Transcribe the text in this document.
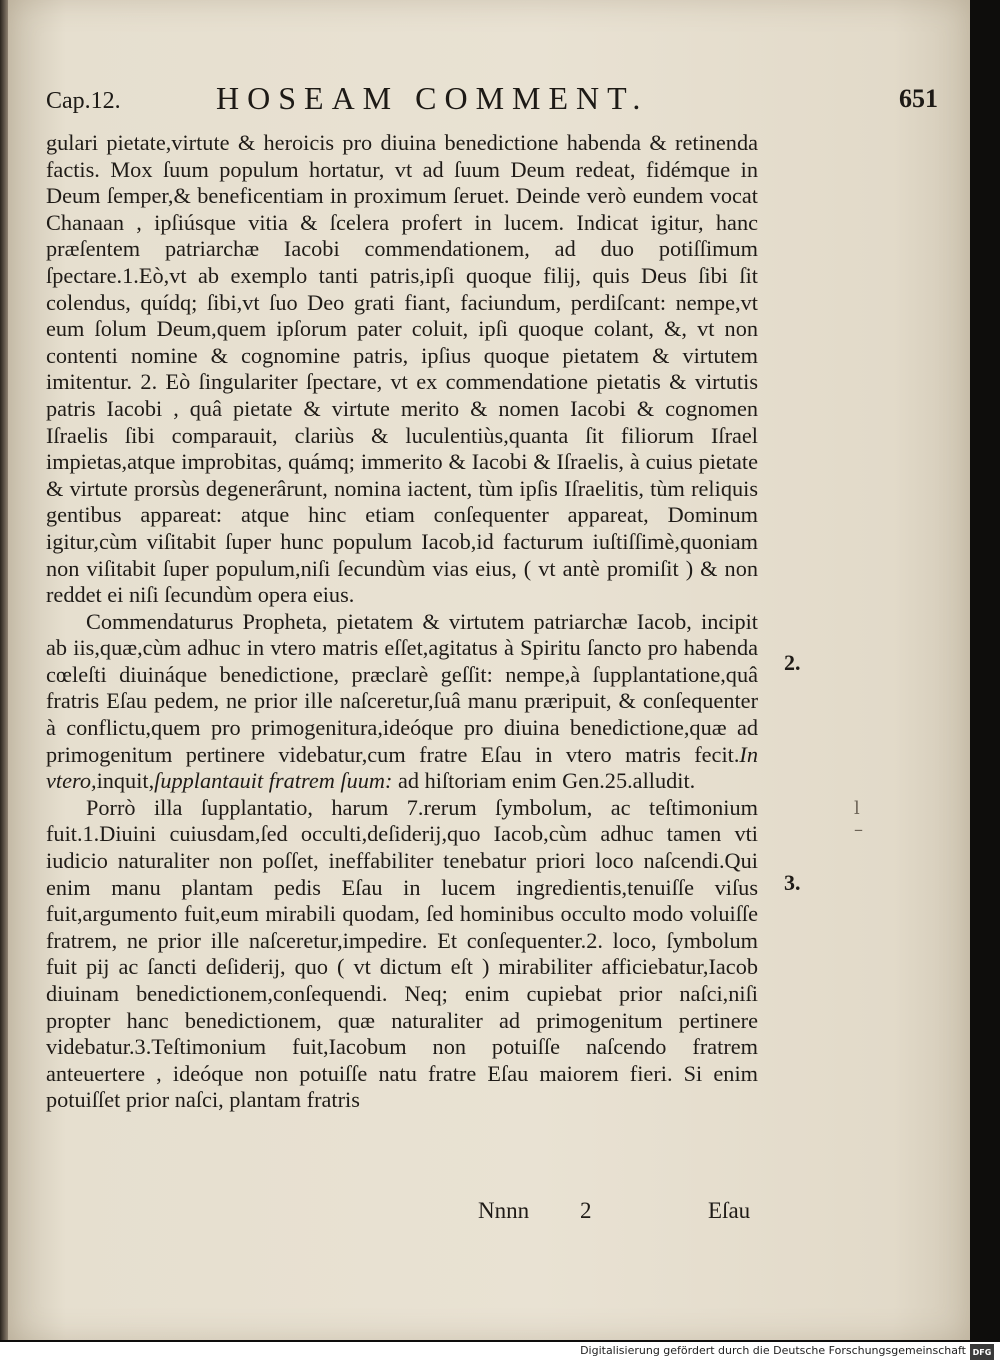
Cap.12.	HOSEAM COMMENT.	651

gulari pietate,virtute & heroicis pro diuina benedictione habenda & retinenda factis. Mox ſuum populum hortatur, vt ad ſuum Deum redeat, fidémque in Deum ſemper,& beneficentiam in proximum ſeruet. Deinde verò eundem vocat Chanaan , ipſiúsque vitia & ſcelera profert in lucem. Indicat igitur, hanc præſentem patriarchæ Iacobi commendationem, ad duo potiſſimum ſpectare.1.Eò,vt ab exemplo tanti patris,ipſi quoque filij, quis Deus ſibi ſit colendus, quídq; ſibi,vt ſuo Deo grati fiant, faciundum, perdiſcant: nempe,vt eum ſolum Deum,quem ipſorum pater coluit, ipſi quoque colant, &, vt non contenti nomine & cognomine patris, ipſius quoque pietatem & virtutem imitentur. 2. Eò ſingulariter ſpectare, vt ex commendatione pietatis & virtutis patris Iacobi , quâ pietate & virtute merito & nomen Iacobi & cognomen Iſraelis ſibi comparauit, clariùs & luculentiùs,quanta ſit filiorum Iſrael impietas,atque improbitas, quámq; immerito & Iacobi & Iſraelis, à cuius pietate & virtute prorsùs degenerârunt, nomina iactent, tùm ipſis Iſraelitis, tùm reliquis gentibus appareat: atque hinc etiam conſequenter appareat, Dominum igitur,cùm viſitabit ſuper hunc populum Iacob,id facturum iuſtiſſimè,quoniam non viſitabit ſuper populum,niſi ſecundùm vias eius, ( vt antè promiſit ) & non reddet ei niſi ſecundùm opera eius.

Commendaturus Propheta, pietatem & virtutem patriarchæ Iacob, incipit ab iis,quæ,cùm adhuc in vtero matris eſſet,agitatus à Spiritu ſancto pro habenda cœleſti diuináque benedictione, præclarè geſſit: nempe,à ſupplantatione,quâ fratris Eſau pedem, ne prior ille naſceretur,ſuâ manu præripuit, & conſequenter à conflictu,quem pro primogenitura,ideóque pro diuina benedictione,quæ ad primogenitum pertinere videbatur,cum fratre Eſau in vtero matris fecit.In vtero,inquit,ſupplantauit fratrem ſuum: ad hiſtoriam enim Gen.25.alludit.

Porrò illa ſupplantatio, harum 7.rerum ſymbolum, ac teſtimonium fuit.1.Diuini cuiusdam,ſed occulti,deſiderij,quo Iacob,cùm adhuc tamen vti iudicio naturaliter non poſſet, ineffabiliter tenebatur priori loco naſcendi.Qui enim manu plantam pedis Eſau in lucem ingredientis,tenuiſſe viſus fuit,argumento fuit,eum mirabili quodam, ſed hominibus occulto modo voluiſſe fratrem, ne prior ille naſceretur,impedire. Et conſequenter.2. loco, ſymbolum fuit pij ac ſancti deſiderij, quo ( vt dictum eſt ) mirabiliter afficiebatur,Iacob diuinam benedictionem,conſequendi. Neq; enim cupiebat prior naſci,niſi propter hanc benedictionem, quæ naturaliter ad primogenitum pertinere videbatur.3.Teſtimonium fuit,Iacobum non potuiſſe naſcendo fratrem anteuertere , ideóque non potuiſſe natu fratre Eſau maiorem fieri. Si enim potuiſſet prior naſci, plantam fratris

2.
3.
l –
Nnnn 2	Eſau
Digitalisierung gefördert durch die Deutsche Forschungsgemeinschaft DFG
